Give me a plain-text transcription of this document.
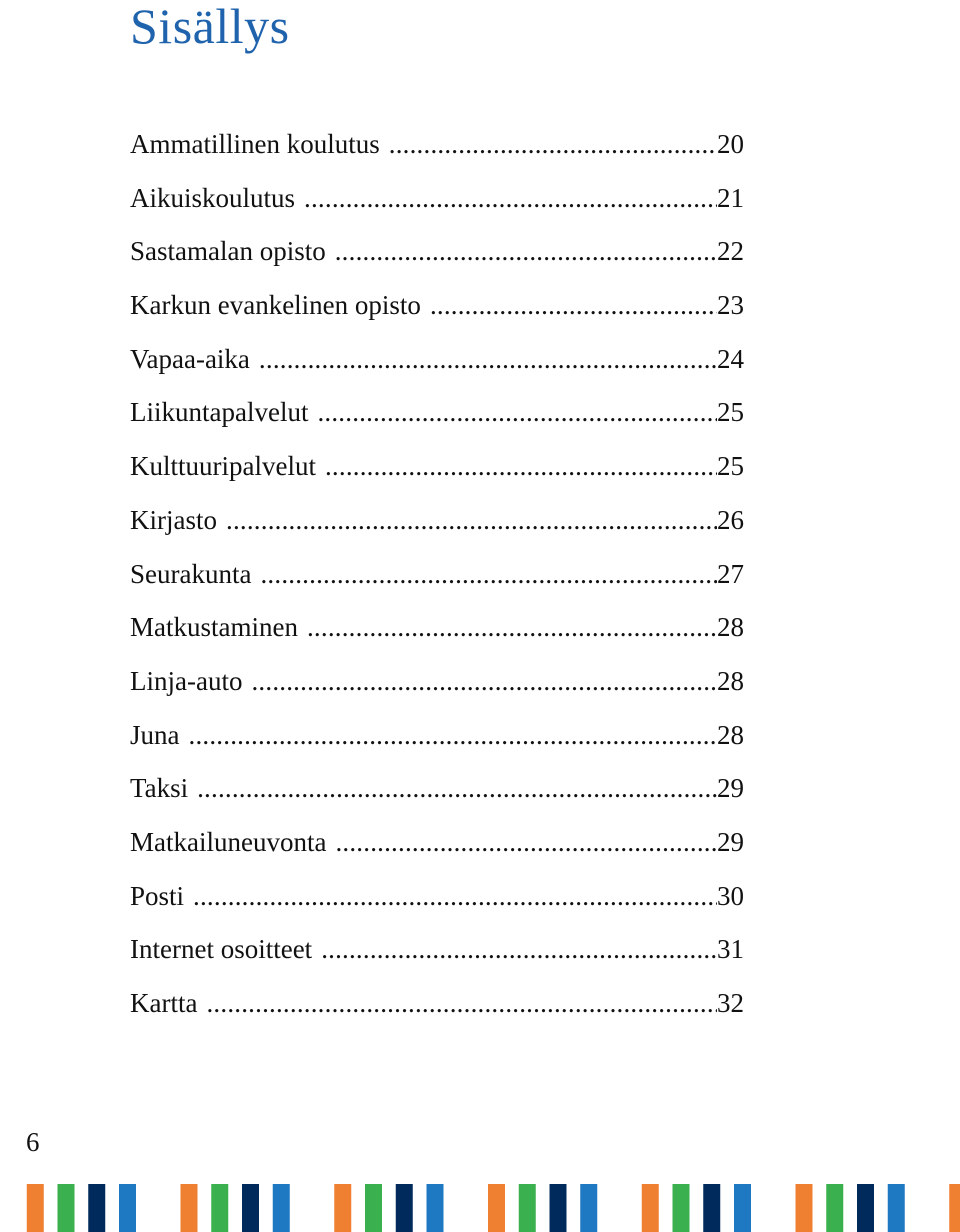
Sisällys
Ammatillinen koulutus .....	20
Aikuiskoulutus .....	21
Sastamalan opisto .....	22
Karkun evankelinen opisto .....	23
Vapaa-aika .....	24
Liikuntapalvelut .....	25
Kulttuuripalvelut .....	25
Kirjasto .....	26
Seurakunta .....	27
Matkustaminen .....	28
Linja-auto .....	28
Juna .....	28
Taksi .....	29
Matkailuneuvonta .....	29
Posti .....	30
Internet osoitteet .....	31
Kartta .....	32
6
